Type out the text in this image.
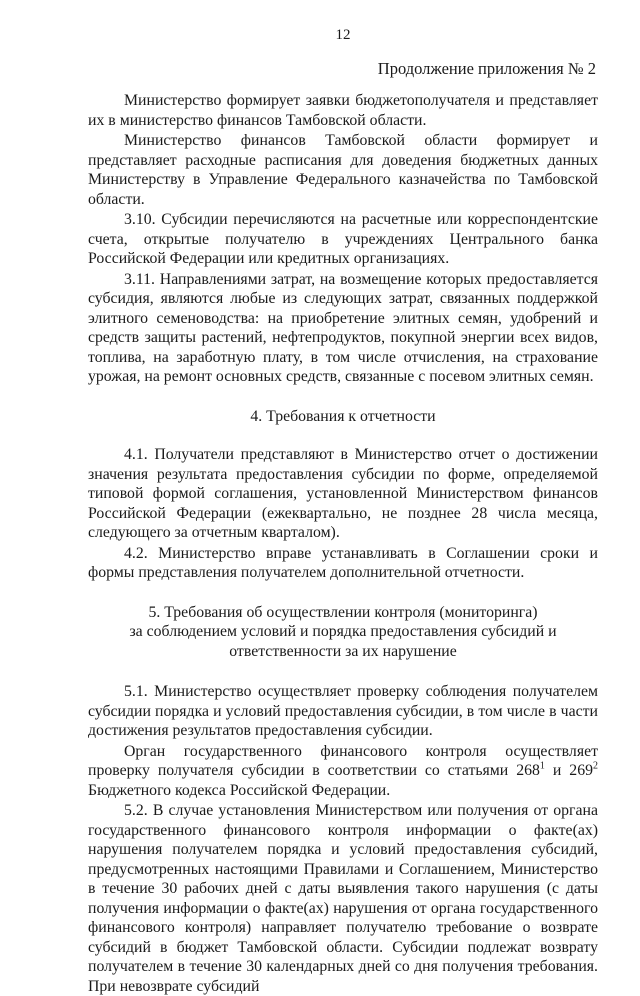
12
Продолжение приложения № 2

Министерство формирует заявки бюджетополучателя и представляет их в министерство финансов Тамбовской области.

Министерство финансов Тамбовской области формирует и представляет расходные расписания для доведения бюджетных данных Министерству в Управление Федерального казначейства по Тамбовской области.

3.10. Субсидии перечисляются на расчетные или корреспондентские счета, открытые получателю в учреждениях Центрального банка Российской Федерации или кредитных организациях.

3.11. Направлениями затрат, на возмещение которых предоставляется субсидия, являются любые из следующих затрат, связанных поддержкой элитного семеноводства: на приобретение элитных семян, удобрений и средств защиты растений, нефтепродуктов, покупной энергии всех видов, топлива, на заработную плату, в том числе отчисления, на страхование урожая, на ремонт основных средств, связанные с посевом элитных семян.

4. Требования к отчетности

4.1. Получатели представляют в Министерство отчет о достижении значения результата предоставления субсидии по форме, определяемой типовой формой соглашения, установленной Министерством финансов Российской Федерации (ежеквартально, не позднее 28 числа месяца, следующего за отчетным кварталом).

4.2. Министерство вправе устанавливать в Соглашении сроки и формы представления получателем дополнительной отчетности.

5. Требования об осуществлении контроля (мониторинга)
за соблюдением условий и порядка предоставления субсидий и
ответственности за их нарушение

5.1. Министерство осуществляет проверку соблюдения получателем субсидии порядка и условий предоставления субсидии, в том числе в части достижения результатов предоставления субсидии.

Орган государственного финансового контроля осуществляет проверку получателя субсидии в соответствии со статьями $268^1$ и $269^2$ Бюджетного кодекса Российской Федерации.

5.2. В случае установления Министерством или получения от органа государственного финансового контроля информации о факте(ах) нарушения получателем порядка и условий предоставления субсидий, предусмотренных настоящими Правилами и Соглашением, Министерство в течение 30 рабочих дней с даты выявления такого нарушения (с даты получения информации о факте(ах) нарушения от органа государственного финансового контроля) направляет получателю требование о возврате субсидий в бюджет Тамбовской области. Субсидии подлежат возврату получателем в течение 30 календарных дней со дня получения требования. При невозврате субсидий
